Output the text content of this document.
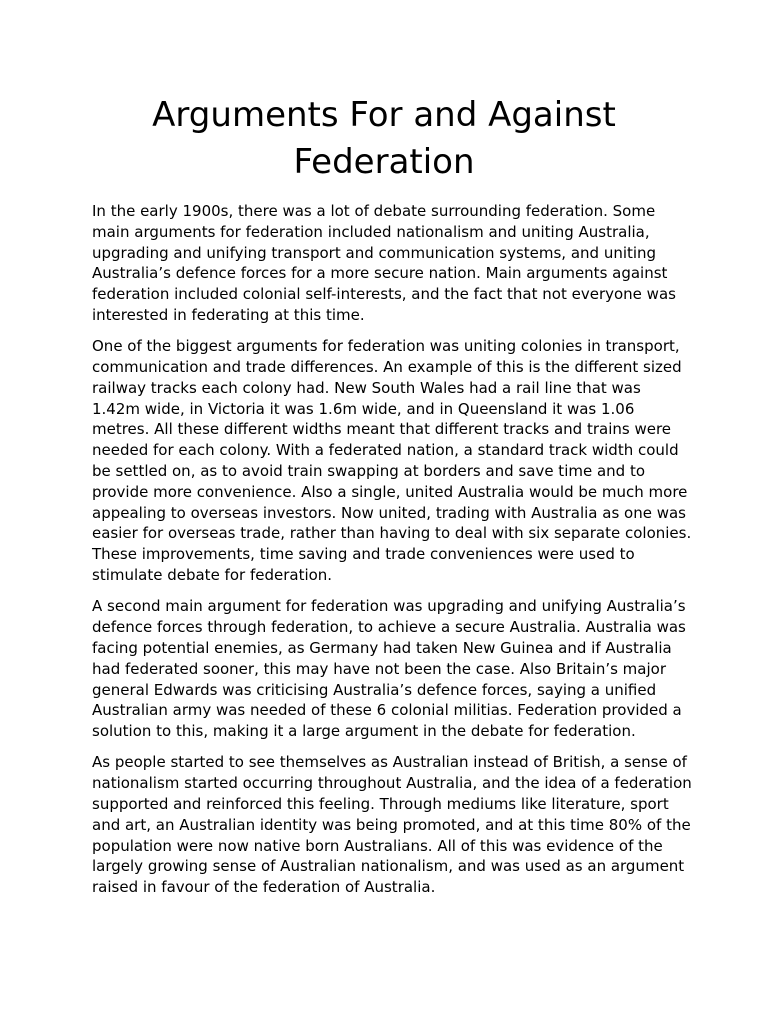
Arguments For and Against Federation

In the early 1900s, there was a lot of debate surrounding federation. Some main arguments for federation included nationalism and uniting Australia, upgrading and unifying transport and communication systems, and uniting Australia’s defence forces for a more secure nation. Main arguments against federation included colonial self-interests, and the fact that not everyone was interested in federating at this time.

One of the biggest arguments for federation was uniting colonies in transport, communication and trade differences. An example of this is the different sized railway tracks each colony had. New South Wales had a rail line that was 1.42m wide, in Victoria it was 1.6m wide, and in Queensland it was 1.06 metres. All these different widths meant that different tracks and trains were needed for each colony. With a federated nation, a standard track width could be settled on, as to avoid train swapping at borders and save time and to provide more convenience. Also a single, united Australia would be much more appealing to overseas investors. Now united, trading with Australia as one was easier for overseas trade, rather than having to deal with six separate colonies. These improvements, time saving and trade conveniences were used to stimulate debate for federation.

A second main argument for federation was upgrading and unifying Australia’s defence forces through federation, to achieve a secure Australia. Australia was facing potential enemies, as Germany had taken New Guinea and if Australia had federated sooner, this may have not been the case. Also Britain’s major general Edwards was criticising Australia’s defence forces, saying a unified Australian army was needed of these 6 colonial militias. Federation provided a solution to this, making it a large argument in the debate for federation.

As people started to see themselves as Australian instead of British, a sense of nationalism started occurring throughout Australia, and the idea of a federation supported and reinforced this feeling. Through mediums like literature, sport and art, an Australian identity was being promoted, and at this time 80% of the population were now native born Australians. All of this was evidence of the largely growing sense of Australian nationalism, and was used as an argument raised in favour of the federation of Australia.
